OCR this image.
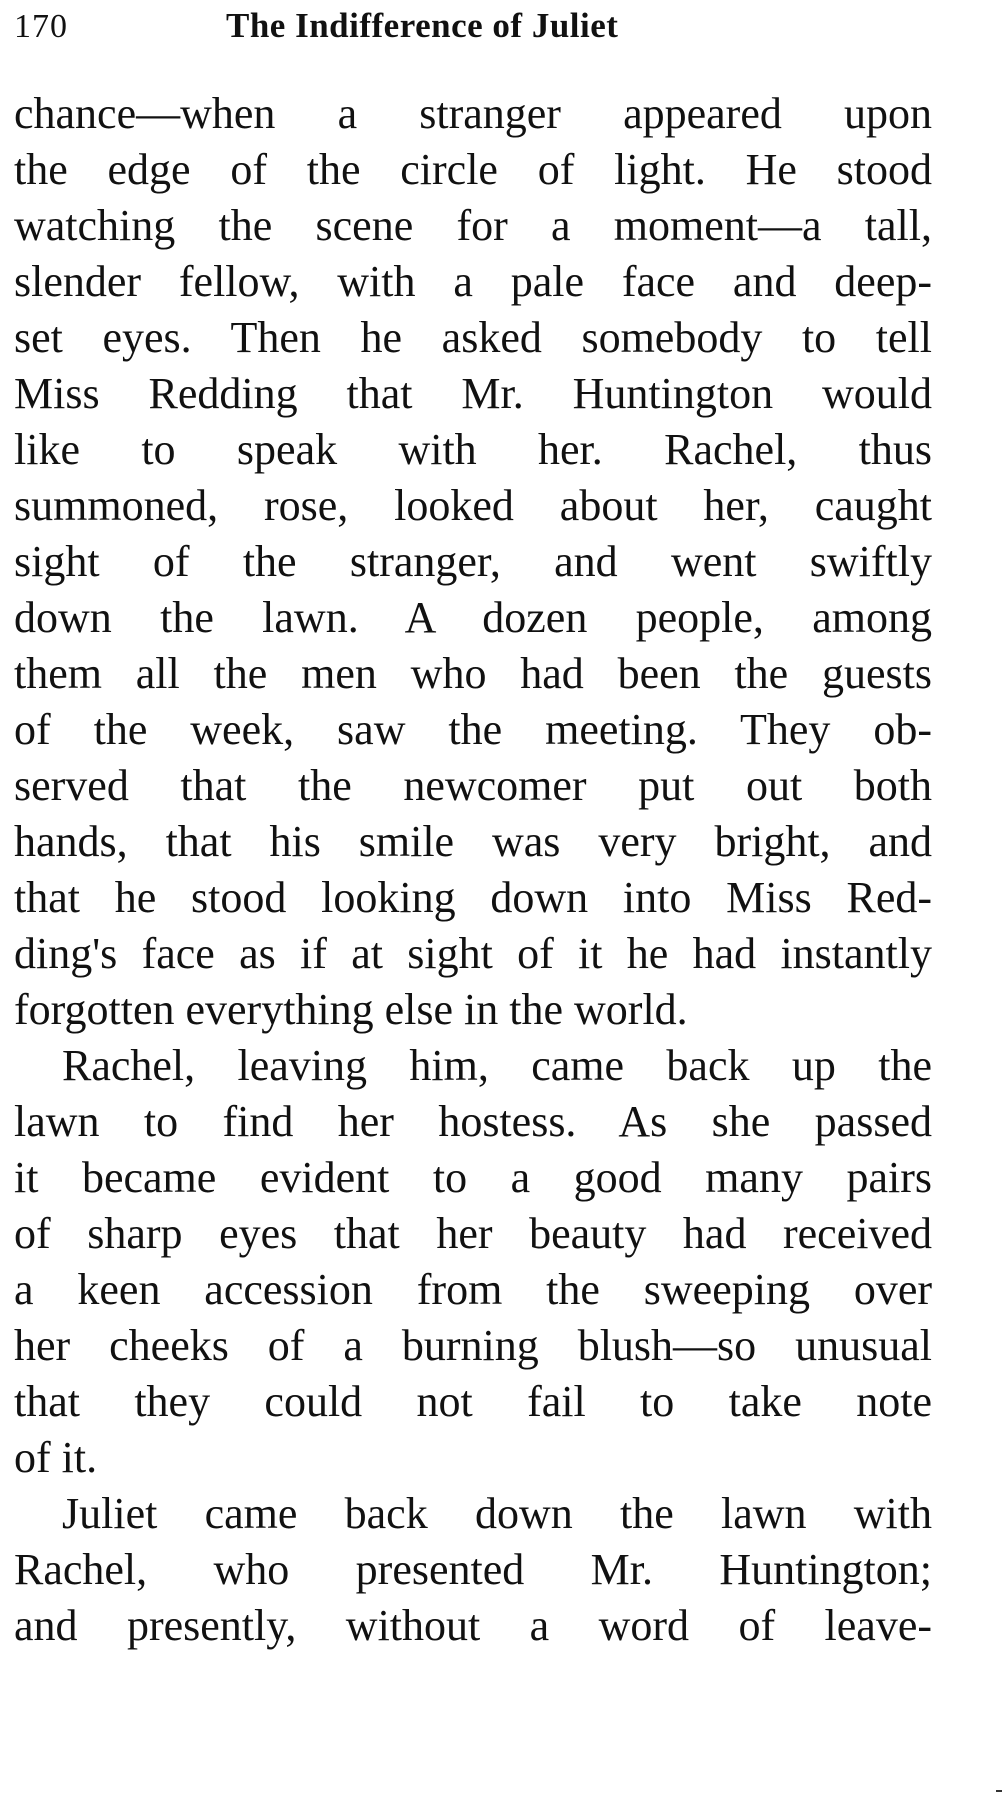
170	The Indifference of Juliet
chance—when a stranger appeared upon
the edge of the circle of light. He stood
watching the scene for a moment—a tall,
slender fellow, with a pale face and deep-
set eyes. Then he asked somebody to tell
Miss Redding that Mr. Huntington would
like to speak with her. Rachel, thus
summoned, rose, looked about her, caught
sight of the stranger, and went swiftly
down the lawn. A dozen people, among
them all the men who had been the guests
of the week, saw the meeting. They ob-
served that the newcomer put out both
hands, that his smile was very bright, and
that he stood looking down into Miss Red-
ding's face as if at sight of it he had instantly
forgotten everything else in the world.
Rachel, leaving him, came back up the
lawn to find her hostess. As she passed
it became evident to a good many pairs
of sharp eyes that her beauty had received
a keen accession from the sweeping over
her cheeks of a burning blush—so unusual
that they could not fail to take note
of it.
Juliet came back down the lawn with
Rachel, who presented Mr. Huntington;
and presently, without a word of leave-
